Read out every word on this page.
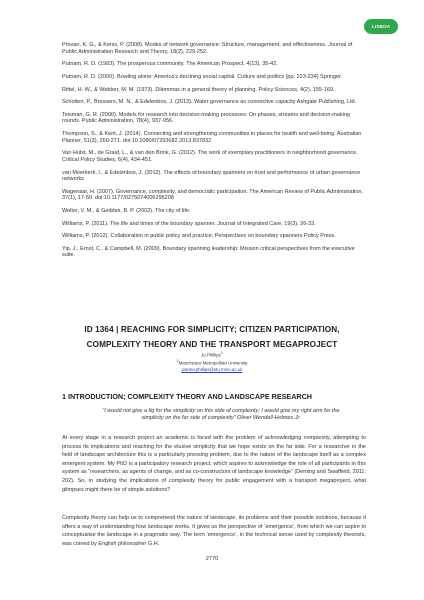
LISBOA
Provan, K. G., & Kenis, P. (2008). Modes of network governance: Structure, management, and effectiveness. Journal of Public Administration Research and Theory, 18(2), 229-252.
Putnam, R. D. (1993). The prosperous community. The American Prospect, 4(13), 35-42.
Putnam, R. D. (2000). Bowling alone: America's declining social capital. Culture and politics (pp. 223-234) Springer.
Rittel, H. W., & Webber, M. M. (1973). Dilemmas in a general theory of planning. Policy Sciences, 4(2), 155-169.
Scholten, P., Bressers, M. N., & Edelenbos, J. (2013). Water governance as connective capacity Ashgate Publishing, Ltd.
Teisman, G. R. (2000). Models for research into decision-making processes: On phases, streams and decision-making rounds. Public Administration, 78(4), 937-956.
Thompson, S., & Kent, J. (2014). Connecting and strengthening communities in places for health and well-being. Australian Planner, 51(3), 260-271. doi:10.1080/07293682.2013.837832
Van Hulst, M., de Graaf, L., & van den Brink, G. (2012). The work of exemplary practitioners in neighborhood governance. Critical Policy Studies, 6(4), 434-451.
van Meerkerk, I., & Edelenbos, J. (2012). The effects of boundary spanners on trust and performance of urban governance networks
Wagenaar, H. (2007). Governance, complexity, and democratic participation. The American Review of Public Administration, 37(1), 17-50. doi:10.1177/0275074006296208
Welter, V. M., & Geddes, B. P. (2002). The city of life.
Williams, P. (2011). The life and times of the boundary spanner. Journal of Integrated Care, 19(3), 26-33.
Williams, P. (2012). Collaboration in public policy and practice: Perspectives on boundary spanners Policy Press.
Yip, J., Ernst, C., & Campbell, M. (2009). Boundary spanning leadership: Mission critical perspectives from the executive suite.
ID 1364 | REACHING FOR SIMPLICITY; CITIZEN PARTICIPATION,
COMPLEXITY THEORY AND THE TRANSPORT MEGAPROJECT
Jo Phillips$^1$
$^1$Manchester Metropolitan University
joanne.phillips@stu.mmu.ac.uk
1 INTRODUCTION; COMPLEXITY THEORY AND LANDSCAPE RESEARCH
“I would not give a fig for the simplicity on this side of complexity; I would give my right arm for the simplicity on the far side of complexity” Oliver Wendell-Holmes Jr.
At every stage in a research project an academic is faced with the problem of acknowledging complexity, attempting to process its implications and reaching for the elusive simplicity that we hope exists on the far side. For a researcher in the field of landscape architecture this is a particularly pressing problem, due to the nature of the landscape itself as a complex emergent system. My PhD is a participatory research project, which aspires to acknowledge the role of all participants in this system as “researchers, as agents of change, and as co-constructors of landscape knowledge” (Deming and Swaffield, 2011: 202). So, in studying the implications of complexity theory for public engagement with a transport megaproject, what glimpses might there be of simple solutions?
Complexity theory can help us to comprehend the nature of landscape, its problems and their possible solutions, because it offers a way of understanding how landscape works. It gives us the perspective of ‘emergence’, from which we can aspire to conceptualise the landscape in a pragmatic way. The term ‘emergence’, in the technical sense used by complexity theorists, was coined by English philosopher G.H.
2770
